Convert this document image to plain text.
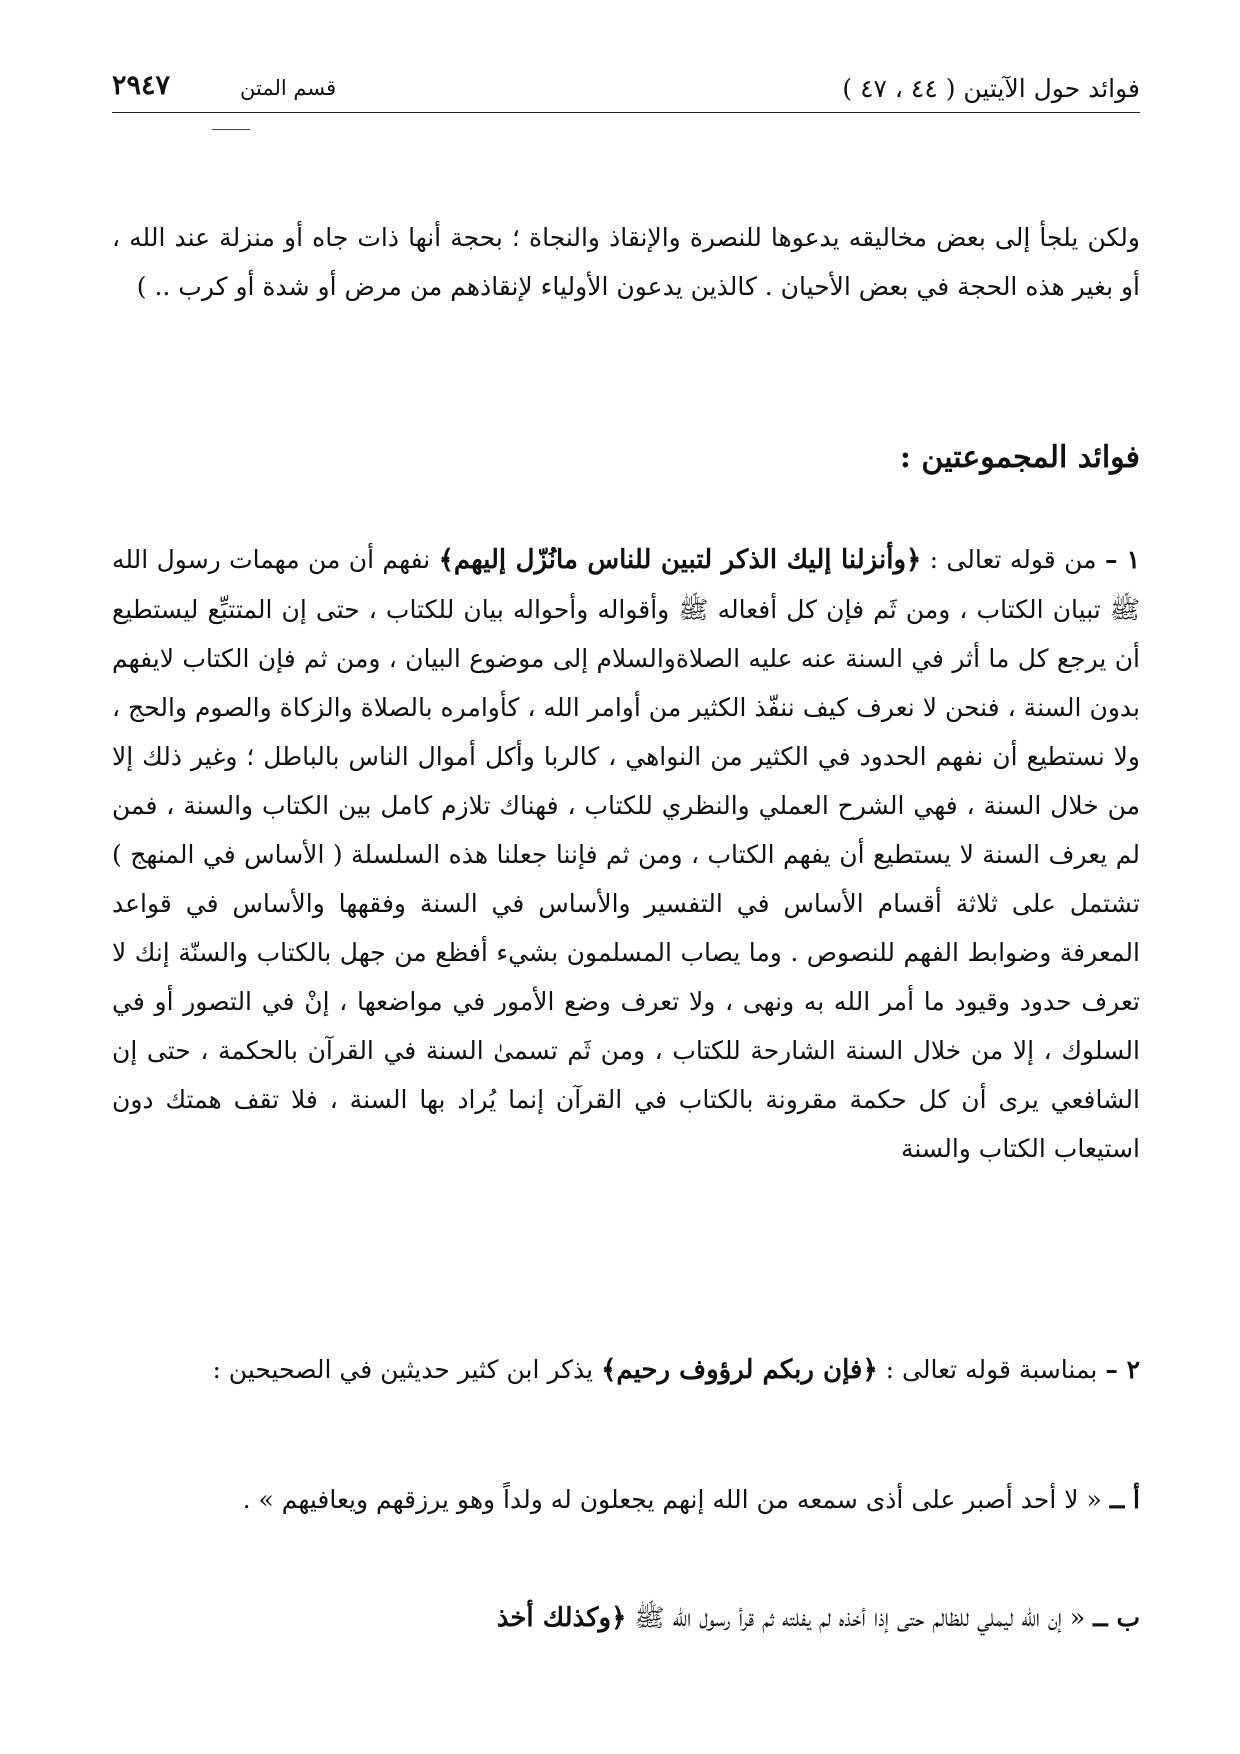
فوائد حول الآيتين ( ٤٤ ، ٤٧ )
قسم المتن
٢٩٤٧

ولكن يلجأ إلى بعض مخاليقه يدعوها للنصرة والإنقاذ والنجاة ؛ بحجة أنها ذات جاه أو منزلة عند الله ، أو بغير هذه الحجة في بعض الأحيان . كالذين يدعون الأولياء لإنقاذهم من مرض أو شدة أو كرب .. )

فوائد المجموعتين :

١ – من قوله تعالى : ﴿وأنزلنا إليك الذكر لتبين للناس مانُزّل إليهم﴾ نفهم أن من مهمات رسول الله ﷺ تبيان الكتاب ، ومن ثَم فإن كل أفعاله ﷺ وأقواله وأحواله بيان للكتاب ، حتى إن المتتبِّع ليستطيع أن يرجع كل ما أثر في السنة عنه عليه الصلاةوالسلام إلى موضوع البيان ، ومن ثم فإن الكتاب لايفهم بدون السنة ، فنحن لا نعرف كيف ننفّذ الكثير من أوامر الله ، كأوامره بالصلاة والزكاة والصوم والحج ، ولا نستطيع أن نفهم الحدود في الكثير من النواهي ، كالربا وأكل أموال الناس بالباطل ؛ وغير ذلك إلا من خلال السنة ، فهي الشرح العملي والنظري للكتاب ، فهناك تلازم كامل بين الكتاب والسنة ، فمن لم يعرف السنة لا يستطيع أن يفهم الكتاب ، ومن ثم فإننا جعلنا هذه السلسلة ( الأساس في المنهج ) تشتمل على ثلاثة أقسام الأساس في التفسير والأساس في السنة وفقهها والأساس في قواعد المعرفة وضوابط الفهم للنصوص . وما يصاب المسلمون بشيء أفظع من جهل بالكتاب والسنّة إنك لا تعرف حدود وقيود ما أمر الله به ونهى ، ولا تعرف وضع الأمور في مواضعها ، إنْ في التصور أو في السلوك ، إلا من خلال السنة الشارحة للكتاب ، ومن ثَم تسمىٰ السنة في القرآن بالحكمة ، حتى إن الشافعي يرى أن كل حكمة مقرونة بالكتاب في القرآن إنما يُراد بها السنة ، فلا تقف همتك دون استيعاب الكتاب والسنة

٢ – بمناسبة قوله تعالى : ﴿فإن ربكم لرؤوف رحيم﴾ يذكر ابن كثير حديثين في الصحيحين :

أ ــ « لا أحد أصبر على أذى سمعه من الله إنهم يجعلون له ولداً وهو يرزقهم ويعافيهم » .

ب ــ « إن الله ليملي للظالم حتى إذا أخذه لم يفلته ثم قرأ رسول الله ﷺ ﴿وكذلك أخذ
